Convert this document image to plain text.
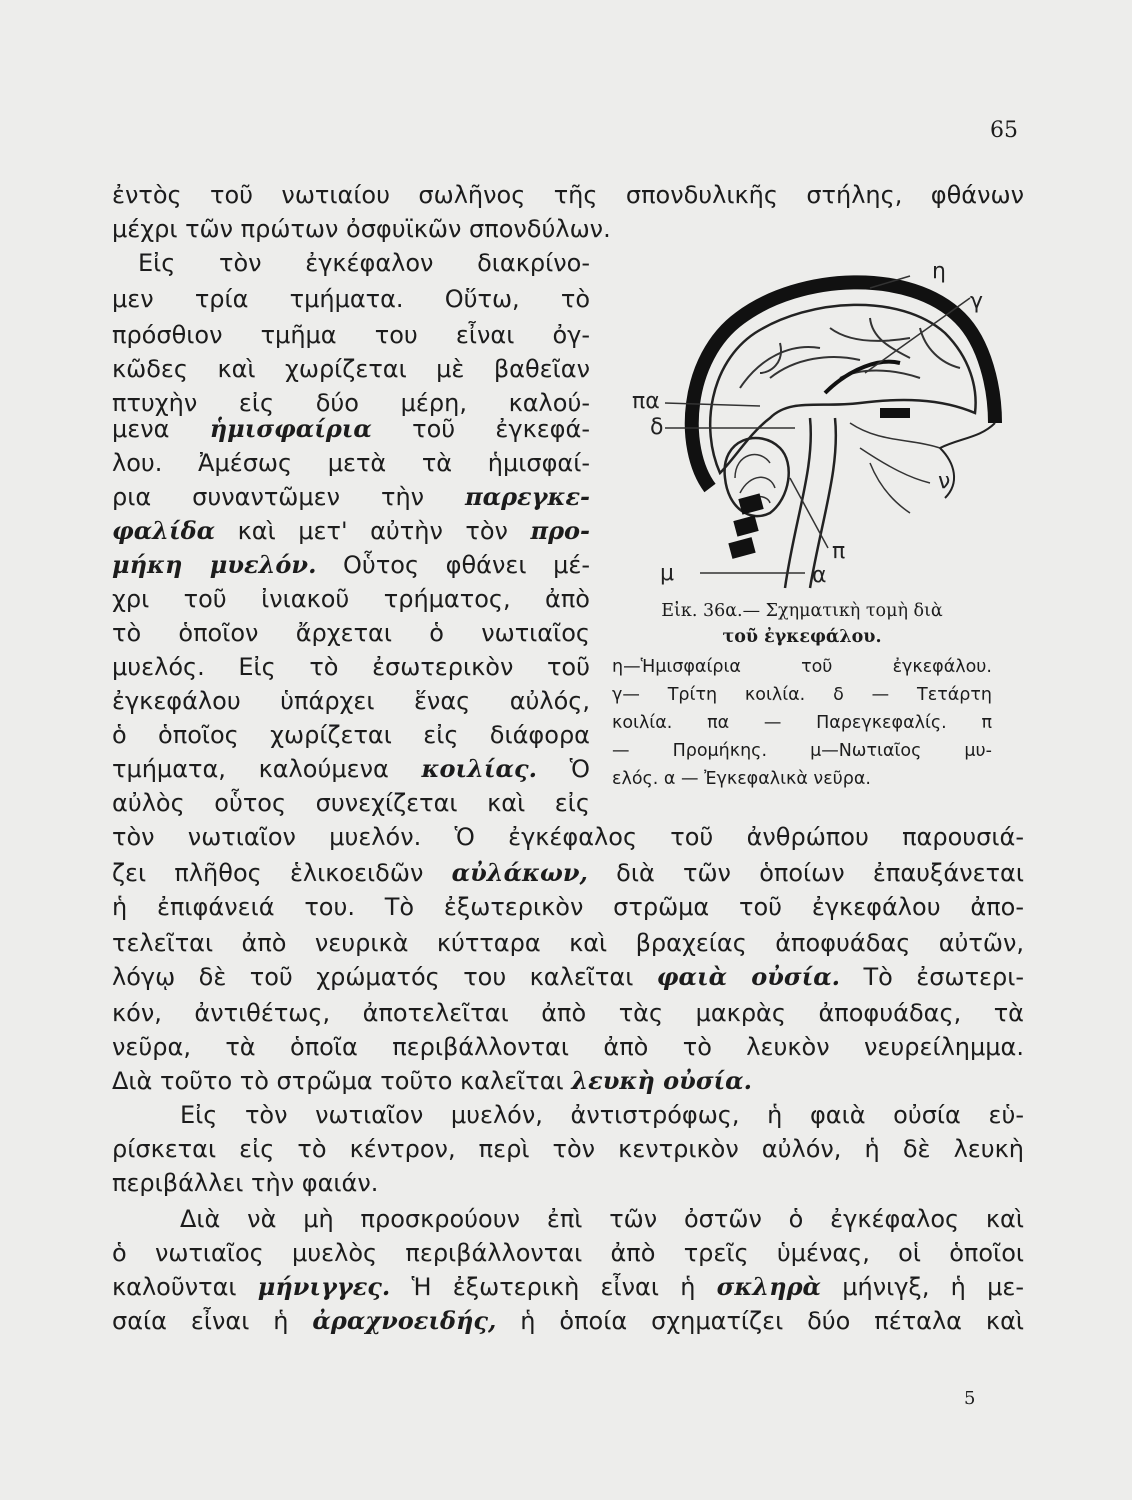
65
ἐντὸς τοῦ νωτιαίου σωλῆνος τῆς σπονδυλικῆς στήλης, φθάνων
μέχρι τῶν πρώτων ὀσφυϊκῶν σπονδύλων.
Εἰς τὸν ἐγκέφαλον διακρίνο-
μεν τρία τμήματα. Οὕτω, τὸ
πρόσθιον τμῆμα του εἶναι ὀγ-
κῶδες καὶ χωρίζεται μὲ βαθεῖαν
πτυχὴν εἰς δύο μέρη, καλού-
μενα ἡμισφαίρια τοῦ ἐγκεφά-
λου. Ἀμέσως μετὰ τὰ ἡμισφαί-
ρια συναντῶμεν τὴν παρεγκε-
φαλίδα καὶ μετ' αὐτὴν τὸν προ-
μήκη μυελόν. Οὗτος φθάνει μέ-
χρι τοῦ ἰνιακοῦ τρήματος, ἀπὸ
τὸ ὁποῖον ἄρχεται ὁ νωτιαῖος
μυελός. Εἰς τὸ ἐσωτερικὸν τοῦ
ἐγκεφάλου ὑπάρχει ἕνας αὐλός,
ὁ ὁποῖος χωρίζεται εἰς διάφορα
τμήματα, καλούμενα κοιλίας. Ὁ
αὐλὸς οὗτος συνεχίζεται καὶ εἰς
η
γ
πα
δ
ν
π
μ	α
Εἰκ. 36α.— Σχηματικὴ τομὴ διὰ
τοῦ ἐγκεφάλου.
η—Ἡμισφαίρια τοῦ ἐγκεφάλου.
γ— Τρίτη κοιλία. δ — Τετάρτη
κοιλία. πα — Παρεγκεφαλίς. π
— Προμήκης. μ—Νωτιαῖος μυ-
ελός. α — Ἐγκεφαλικὰ νεῦρα.
τὸν νωτιαῖον μυελόν. Ὁ ἐγκέφαλος τοῦ ἀνθρώπου παρουσιά-
ζει πλῆθος ἑλικοειδῶν αὐλάκων, διὰ τῶν ὁποίων ἐπαυξάνεται
ἡ ἐπιφάνειά του. Τὸ ἐξωτερικὸν στρῶμα τοῦ ἐγκεφάλου ἀπο-
τελεῖται ἀπὸ νευρικὰ κύτταρα καὶ βραχείας ἀποφυάδας αὐτῶν,
λόγῳ δὲ τοῦ χρώματός του καλεῖται φαιὰ οὐσία. Τὸ ἐσωτερι-
κόν, ἀντιθέτως, ἀποτελεῖται ἀπὸ τὰς μακρὰς ἀποφυάδας, τὰ
νεῦρα, τὰ ὁποῖα περιβάλλονται ἀπὸ τὸ λευκὸν νευρείλημμα.
Διὰ τοῦτο τὸ στρῶμα τοῦτο καλεῖται λευκὴ οὐσία.
Εἰς τὸν νωτιαῖον μυελόν, ἀντιστρόφως, ἡ φαιὰ οὐσία εὑ-
ρίσκεται εἰς τὸ κέντρον, περὶ τὸν κεντρικὸν αὐλόν, ἡ δὲ λευκὴ
περιβάλλει τὴν φαιάν.
Διὰ νὰ μὴ προσκρούουν ἐπὶ τῶν ὀστῶν ὁ ἐγκέφαλος καὶ
ὁ νωτιαῖος μυελὸς περιβάλλονται ἀπὸ τρεῖς ὑμένας, οἱ ὁποῖοι
καλοῦνται μήνιγγες. Ἡ ἐξωτερικὴ εἶναι ἡ σκληρὰ μήνιγξ, ἡ με-
σαία εἶναι ἡ ἀραχνοειδής, ἡ ὁποία σχηματίζει δύο πέταλα καὶ
5
